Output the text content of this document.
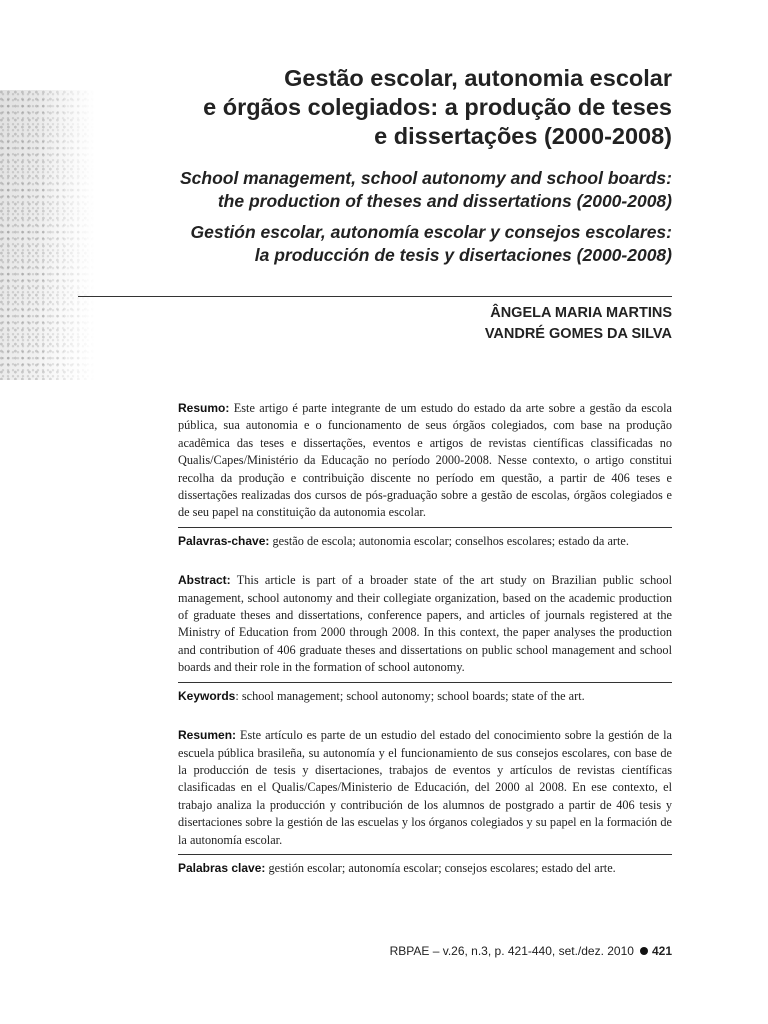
Gestão escolar, autonomia escolar
e órgãos colegiados: a produção de teses
e dissertações (2000-2008)
School management, school autonomy and school boards:
the production of theses and dissertations (2000-2008)
Gestión escolar, autonomía escolar y consejos escolares:
la producción de tesis y disertaciones (2000-2008)
ÂNGELA MARIA MARTINS
VANDRÉ GOMES DA SILVA

Resumo: Este artigo é parte integrante de um estudo do estado da arte sobre a gestão da escola pública, sua autonomia e o funcionamento de seus órgãos colegiados, com base na produção acadêmica das teses e dissertações, eventos e artigos de revistas científicas classificadas no Qualis/Capes/Ministério da Educação no período 2000-2008. Nesse contexto, o artigo constitui recolha da produção e contribuição discente no período em questão, a partir de 406 teses e dissertações realizadas dos cursos de pós-graduação sobre a gestão de escolas, órgãos colegiados e de seu papel na constituição da autonomia escolar.

Palavras-chave: gestão de escola; autonomia escolar; conselhos escolares; estado da arte.

Abstract: This article is part of a broader state of the art study on Brazilian public school management, school autonomy and their collegiate organization, based on the academic production of graduate theses and dissertations, conference papers, and articles of journals registered at the Ministry of Education from 2000 through 2008. In this context, the paper analyses the production and contribution of 406 graduate theses and dissertations on public school management and school boards and their role in the formation of school autonomy.

Keywords: school management; school autonomy; school boards; state of the art.

Resumen: Este artículo es parte de un estudio del estado del conocimiento sobre la gestión de la escuela pública brasileña, su autonomía y el funcionamiento de sus consejos escolares, con base de la producción de tesis y disertaciones, trabajos de eventos y artículos de revistas científicas clasificadas en el Qualis/Capes/Ministerio de Educación, del 2000 al 2008. En ese contexto, el trabajo analiza la producción y contribución de los alumnos de postgrado a partir de 406 tesis y disertaciones sobre la gestión de las escuelas y los órganos colegiados y su papel en la formación de la autonomía escolar.

Palabras clave: gestión escolar; autonomía escolar; consejos escolares; estado del arte.

RBPAE – v.26, n.3, p. 421-440, set./dez. 2010 421
